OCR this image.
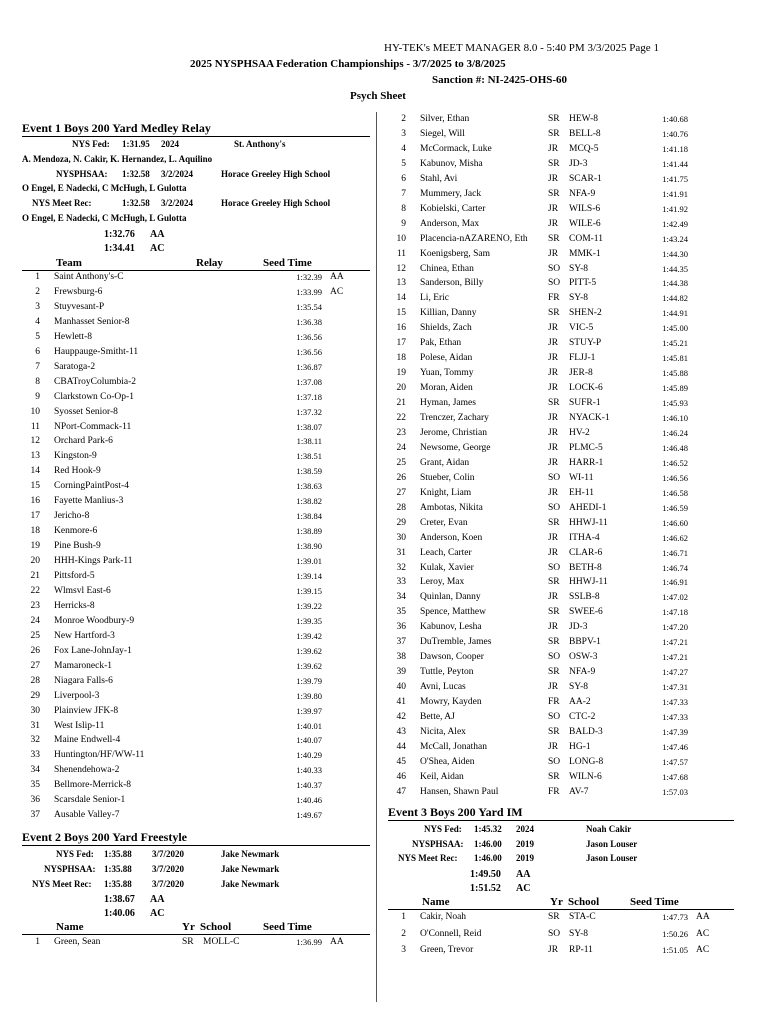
HY-TEK's MEET MANAGER 8.0 - 5:40 PM 3/3/2025 Page 1
2025 NYSPHSAA Federation Championships - 3/7/2025 to 3/8/2025
Sanction #: NI-2425-OHS-60
Psych Sheet
Event 1 Boys 200 Yard Medley Relay
NYS Fed: 1:31.95 2024	St. Anthony's
A. Mendoza, N. Cakir, K. Hernandez, L. Aquilino
NYSPHSAA: 1:32.58 3/2/2024	Horace Greeley High School
O Engel, E Nadecki, C McHugh, L Gulotta
NYS Meet Rec:	1:32.58 3/2/2024	Horace Greeley High School
O Engel, E Nadecki, C McHugh, L Gulotta
1:32.76 AA
1:34.41 AC
Team	Relay	Seed Time
1 Saint Anthony's-C	1:32.39 AA
2 Frewsburg-6	1:33.99 AC
3 Stuyvesant-P	1:35.54
4 Manhasset Senior-8	1:36.38
5 Hewlett-8	1:36.56
6 Hauppauge-Smitht-11	1:36.56
7 Saratoga-2	1:36.87
8 CBATroyColumbia-2	1:37.08
9 Clarkstown Co-Op-1	1:37.18
10 Syosset Senior-8	1:37.32
11 NPort-Commack-11	1:38.07
12 Orchard Park-6	1:38.11
13 Kingston-9	1:38.51
14 Red Hook-9	1:38.59
15 CorningPaintPost-4	1:38.63
16 Fayette Manlius-3	1:38.82
17 Jericho-8	1:38.84
18 Kenmore-6	1:38.89
19 Pine Bush-9	1:38.90
20 HHH-Kings Park-11	1:39.01
21 Pittsford-5	1:39.14
22 Wlmsvl East-6	1:39.15
23 Herricks-8	1:39.22
24 Monroe Woodbury-9	1:39.35
25 New Hartford-3	1:39.42
26 Fox Lane-JohnJay-1	1:39.62
27 Mamaroneck-1	1:39.62
28 Niagara Falls-6	1:39.79
29 Liverpool-3	1:39.80
30 Plainview JFK-8	1:39.97
31 West Islip-11	1:40.01
32 Maine Endwell-4	1:40.07
33 Huntington/HF/WW-11	1:40.29
34 Shenendehowa-2	1:40.33
35 Bellmore-Merrick-8	1:40.37
36 Scarsdale Senior-1	1:40.46
37 Ausable Valley-7	1:49.67
Event 2 Boys 200 Yard Freestyle
NYS Fed: 1:35.88 3/7/2020	Jake Newmark
NYSPHSAA: 1:35.88 3/7/2020	Jake Newmark
NYS Meet Rec: 1:35.88 3/7/2020	Jake Newmark
1:38.67 AA
1:40.06 AC
Name	Yr School	Seed Time
1 Green, Sean	SR MOLL-C	1:36.99 AA
2 Silver, Ethan	SR HEW-8	1:40.68
3 Siegel, Will	SR BELL-8	1:40.76
4 McCormack, Luke	JR MCQ-5	1:41.18
5 Kabunov, Misha	SR JD-3	1:41.44
6 Stahl, Avi	JR SCAR-1	1:41.75
7 Mummery, Jack	SR NFA-9	1:41.91
8 Kobielski, Carter	JR WILS-6	1:41.92
9 Anderson, Max	JR WILE-6	1:42.49
10 Placencia-nAZARENO, Eth	SR COM-11	1:43.24
11 Koenigsberg, Sam	JR MMK-1	1:44.30
12 Chinea, Ethan	SO SY-8	1:44.35
13 Sanderson, Billy	SO PITT-5	1:44.38
14 Li, Eric	FR SY-8	1:44.82
15 Killian, Danny	SR SHEN-2	1:44.91
16 Shields, Zach	JR VIC-5	1:45.00
17 Pak, Ethan	JR STUY-P	1:45.21
18 Polese, Aidan	JR FLJJ-1	1:45.81
19 Yuan, Tommy	JR JER-8	1:45.88
20 Moran, Aiden	JR LOCK-6	1:45.89
21 Hyman, James	SR SUFR-1	1:45.93
22 Trenczer, Zachary	JR NYACK-1	1:46.10
23 Jerome, Christian	JR HV-2	1:46.24
24 Newsome, George	JR PLMC-5	1:46.48
25 Grant, Aidan	JR HARR-1	1:46.52
26 Stueber, Colin	SO WI-11	1:46.56
27 Knight, Liam	JR EH-11	1:46.58
28 Ambotas, Nikita	SO AHEDI-1	1:46.59
29 Creter, Evan	SR HHWJ-11	1:46.60
30 Anderson, Koen	JR ITHA-4	1:46.62
31 Leach, Carter	JR CLAR-6	1:46.71
32 Kulak, Xavier	SO BETH-8	1:46.74
33 Leroy, Max	SR HHWJ-11	1:46.91
34 Quinlan, Danny	JR SSLB-8	1:47.02
35 Spence, Matthew	SR SWEE-6	1:47.18
36 Kabunov, Lesha	JR JD-3	1:47.20
37 DuTremble, James	SR BBPV-1	1:47.21
38 Dawson, Cooper	SO OSW-3	1:47.21
39 Tuttle, Peyton	SR NFA-9	1:47.27
40 Avni, Lucas	JR SY-8	1:47.31
41 Mowry, Kayden	FR AA-2	1:47.33
42 Bette, AJ	SO CTC-2	1:47.33
43 Nicita, Alex	SR BALD-3	1:47.39
44 McCall, Jonathan	JR HG-1	1:47.46
45 O'Shea, Aiden	SO LONG-8	1:47.57
46 Keil, Aidan	SR WILN-6	1:47.68
47 Hansen, Shawn Paul	FR AV-7	1:57.03
Event 3 Boys 200 Yard IM
NYS Fed: 1:45.32 2024	Noah Cakir
NYSPHSAA: 1:46.00 2019	Jason Louser
NYS Meet Rec: 1:46.00 2019	Jason Louser
1:49.50 AA
1:51.52 AC
Name	Yr School	Seed Time
1 Cakir, Noah	SR STA-C	1:47.73 AA
2 O'Connell, Reid	SO SY-8	1:50.26 AC
3 Green, Trevor	JR RP-11	1:51.05 AC
